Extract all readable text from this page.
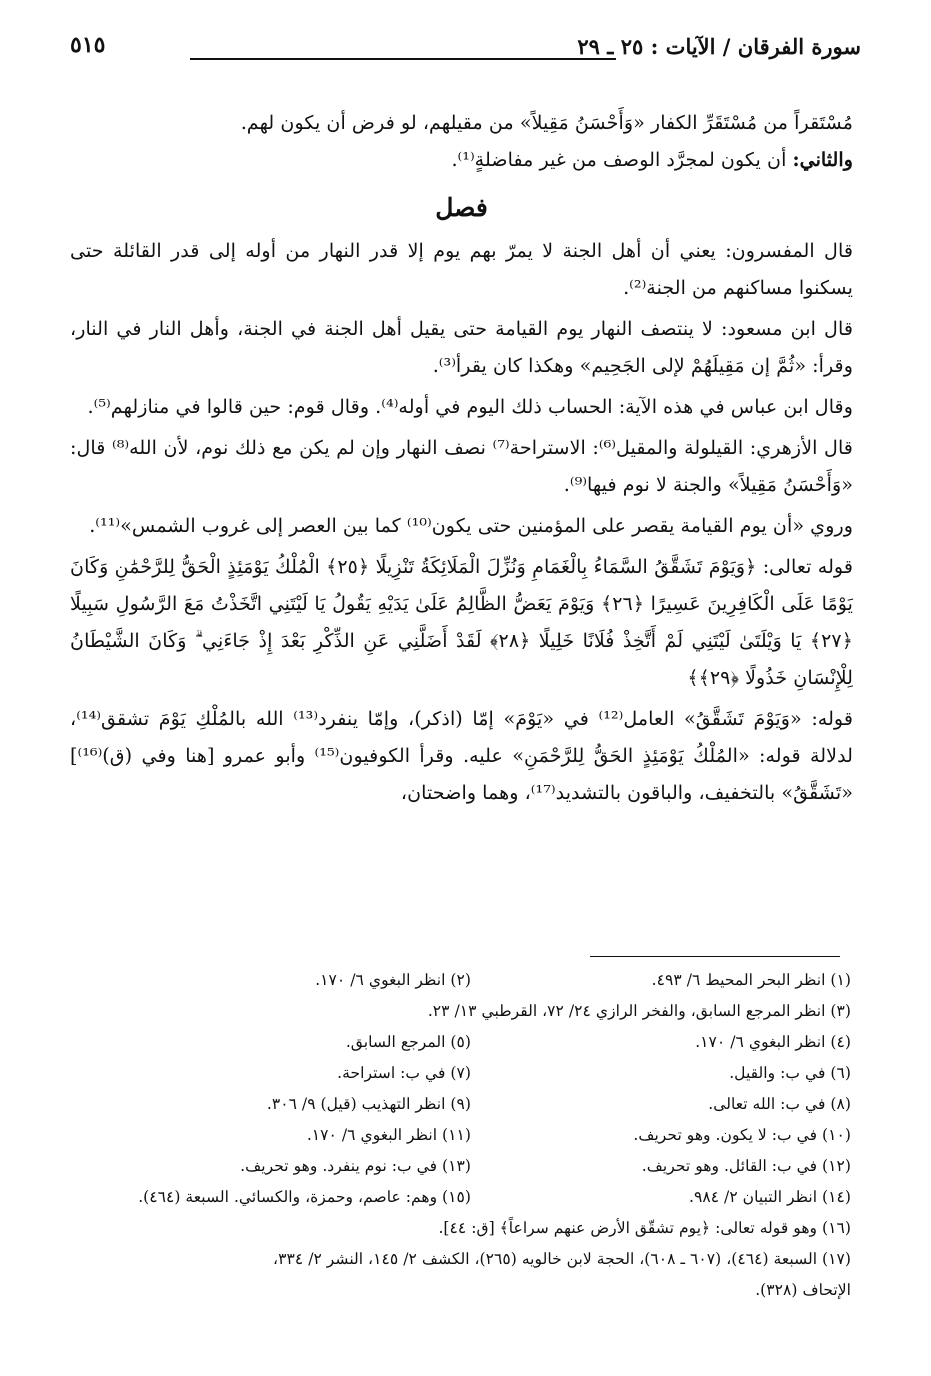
سورة الفرقان / الآيات : ٢٥ ـ ٢٩
٥١٥

مُسْتَقراً من مُسْتَقَرِّ الكفار «وَأَحْسَنُ مَقِيلاً» من مقيلهم، لو فرض أن يكون لهم.

والثاني: أن يكون لمجرَّد الوصف من غير مفاضلةٍ⁽¹⁾.

فصل

قال المفسرون: يعني أن أهل الجنة لا يمرّ بهم يوم إلا قدر النهار من أوله إلى قدر القائلة حتى يسكنوا مساكنهم من الجنة⁽²⁾.

قال ابن مسعود: لا ينتصف النهار يوم القيامة حتى يقيل أهل الجنة في الجنة، وأهل النار في النار، وقرأ: «ثُمَّ إن مَقِيلَهُمْ لإلى الجَحِيم» وهكذا كان يقرأ⁽³⁾.

وقال ابن عباس في هذه الآية: الحساب ذلك اليوم في أوله⁽⁴⁾. وقال قوم: حين قالوا في منازلهم⁽⁵⁾.

قال الأزهري: القيلولة والمقيل⁽⁶⁾: الاستراحة⁽⁷⁾ نصف النهار وإن لم يكن مع ذلك نوم، لأن الله⁽⁸⁾ قال: «وَأَحْسَنُ مَقِيلاً» والجنة لا نوم فيها⁽⁹⁾.

وروي «أن يوم القيامة يقصر على المؤمنين حتى يكون⁽¹⁰⁾ كما بين العصر إلى غروب الشمس»⁽¹¹⁾.

قوله تعالى: ﴿وَيَوْمَ تَشَقَّقُ السَّمَاءُ بِالْغَمَامِ وَنُزِّلَ الْمَلَائِكَةُ تَنْزِيلًا ﴿٢٥﴾ الْمُلْكُ يَوْمَئِذٍ الْحَقُّ لِلرَّحْمَٰنِ وَكَانَ يَوْمًا عَلَى الْكَافِرِينَ عَسِيرًا ﴿٢٦﴾ وَيَوْمَ يَعَضُّ الظَّالِمُ عَلَىٰ يَدَيْهِ يَقُولُ يَا لَيْتَنِي اتَّخَذْتُ مَعَ الرَّسُولِ سَبِيلًا ﴿٢٧﴾ يَا وَيْلَتَىٰ لَيْتَنِي لَمْ أَتَّخِذْ فُلَانًا خَلِيلًا ﴿٢٨﴾ لَقَدْ أَضَلَّنِي عَنِ الذِّكْرِ بَعْدَ إِذْ جَاءَنِي ۗ وَكَانَ الشَّيْطَانُ لِلْإِنْسَانِ خَذُولًا ﴿٢٩﴾﴾

قوله: «وَيَوْمَ تَشَقَّقُ» العامل⁽¹²⁾ في «يَوْمَ» إمّا (اذكر)، وإمّا ينفرد⁽¹³⁾ الله بالمُلْكِ يَوْمَ تشقق⁽¹⁴⁾، لدلالة قوله: «المُلْكُ يَوْمَئِذٍ الحَقُّ لِلرَّحْمَنِ» عليه. وقرأ الكوفيون⁽¹⁵⁾ وأبو عمرو [هنا وفي (ق)⁽¹⁶⁾] «تَشَقَّقُ» بالتخفيف، والباقون بالتشديد⁽¹⁷⁾، وهما واضحتان،

(١) انظر البحر المحيط ٦/ ٤٩٣.
(٢) انظر البغوي ٦/ ١٧٠.
(٣) انظر المرجع السابق، والفخر الرازي ٢٤/ ٧٢، القرطبي ١٣/ ٢٣.
(٤) انظر البغوي ٦/ ١٧٠.
(٥) المرجع السابق.
(٦) في ب: والقيل.
(٧) في ب: استراحة.
(٨) في ب: الله تعالى.
(٩) انظر التهذيب (قيل) ٩/ ٣٠٦.
(١٠) في ب: لا يكون. وهو تحريف.
(١١) انظر البغوي ٦/ ١٧٠.
(١٢) في ب: القائل. وهو تحريف.
(١٣) في ب: نوم ينفرد. وهو تحريف.
(١٤) انظر التبيان ٢/ ٩٨٤.
(١٥) وهم: عاصم، وحمزة، والكسائي. السبعة (٤٦٤).
(١٦) وهو قوله تعالى: ﴿يوم تشقّق الأرض عنهم سراعاً﴾ [ق: ٤٤].
(١٧) السبعة (٤٦٤)، (٦٠٧ ـ ٦٠٨)، الحجة لابن خالويه (٢٦٥)، الكشف ٢/ ١٤٥، النشر ٢/ ٣٣٤،
الإتحاف (٣٢٨).
